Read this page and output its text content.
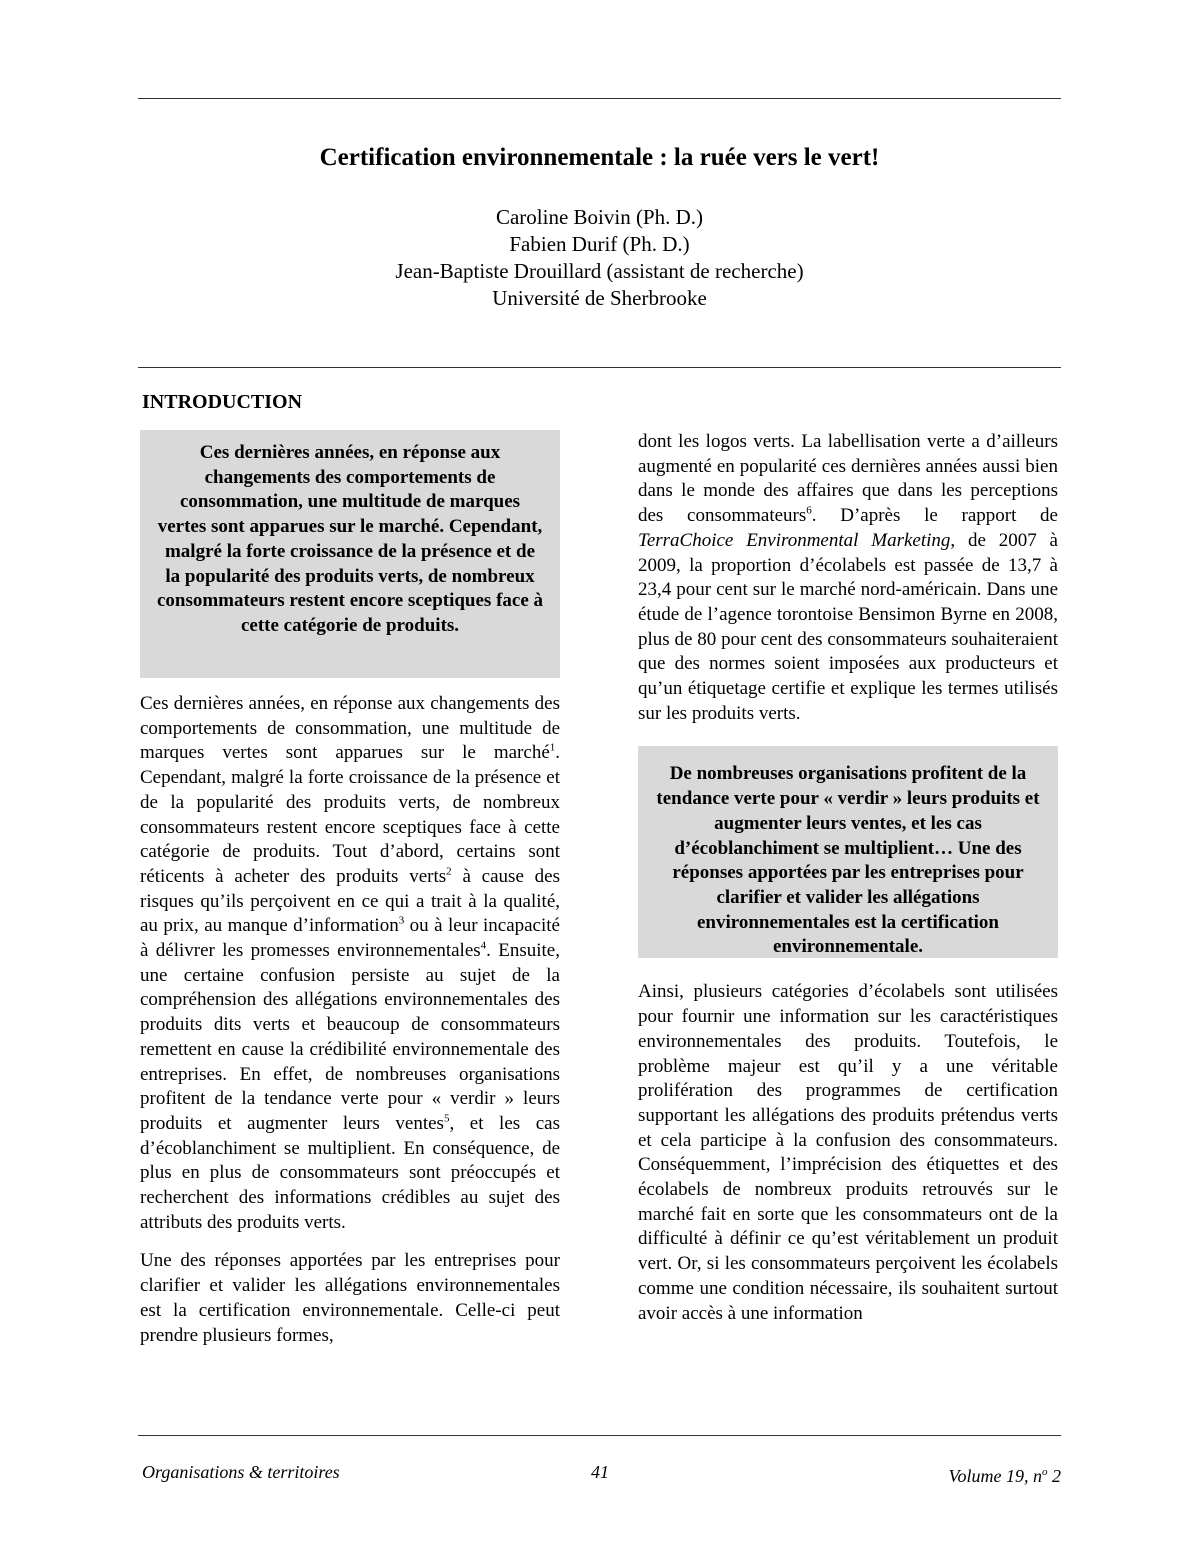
Certification environnementale : la ruée vers le vert!
Caroline Boivin (Ph. D.)
Fabien Durif (Ph. D.)
Jean-Baptiste Drouillard (assistant de recherche)
Université de Sherbrooke
INTRODUCTION
Ces dernières années, en réponse aux changements des comportements de consommation, une multitude de marques vertes sont apparues sur le marché. Cependant, malgré la forte croissance de la présence et de la popularité des produits verts, de nombreux consommateurs restent encore sceptiques face à cette catégorie de produits.

Ces dernières années, en réponse aux changements des comportements de consommation, une multitude de marques vertes sont apparues sur le marché$^1$. Cependant, malgré la forte croissance de la présence et de la popularité des produits verts, de nombreux consommateurs restent encore sceptiques face à cette catégorie de produits. Tout d’abord, certains sont réticents à acheter des produits verts$^2$ à cause des risques qu’ils perçoivent en ce qui a trait à la qualité, au prix, au manque d’information$^3$ ou à leur incapacité à délivrer les promesses environnementales$^4$. Ensuite, une certaine confusion persiste au sujet de la compréhension des allégations environnementales des produits dits verts et beaucoup de consommateurs remettent en cause la crédibilité environnementale des entreprises. En effet, de nombreuses organisations profitent de la tendance verte pour « verdir » leurs produits et augmenter leurs ventes$^5$, et les cas d’écoblanchiment se multiplient. En conséquence, de plus en plus de consommateurs sont préoccupés et recherchent des informations crédibles au sujet des attributs des produits verts.

Une des réponses apportées par les entreprises pour clarifier et valider les allégations environnementales est la certification environnementale. Celle-ci peut prendre plusieurs formes,

dont les logos verts. La labellisation verte a d’ailleurs augmenté en popularité ces dernières années aussi bien dans le monde des affaires que dans les perceptions des consommateurs$^6$. D’après le rapport de TerraChoice Environmental Marketing, de 2007 à 2009, la proportion d’écolabels est passée de 13,7 à 23,4 pour cent sur le marché nord-américain. Dans une étude de l’agence torontoise Bensimon Byrne en 2008, plus de 80 pour cent des consommateurs souhaiteraient que des normes soient imposées aux producteurs et qu’un étiquetage certifie et explique les termes utilisés sur les produits verts.

De nombreuses organisations profitent de la tendance verte pour « verdir » leurs produits et augmenter leurs ventes, et les cas d’écoblanchiment se multiplient… Une des réponses apportées par les entreprises pour clarifier et valider les allégations environnementales est la certification environnementale.

Ainsi, plusieurs catégories d’écolabels sont utilisées pour fournir une information sur les caractéristiques environnementales des produits. Toutefois, le problème majeur est qu’il y a une véritable prolifération des programmes de certification supportant les allégations des produits prétendus verts et cela participe à la confusion des consommateurs. Conséquemment, l’imprécision des étiquettes et des écolabels de nombreux produits retrouvés sur le marché fait en sorte que les consommateurs ont de la difficulté à définir ce qu’est véritablement un produit vert. Or, si les consommateurs perçoivent les écolabels comme une condition nécessaire, ils souhaitent surtout avoir accès à une information

Organisations & territoires	41	Volume 19, $n^o$ 2
